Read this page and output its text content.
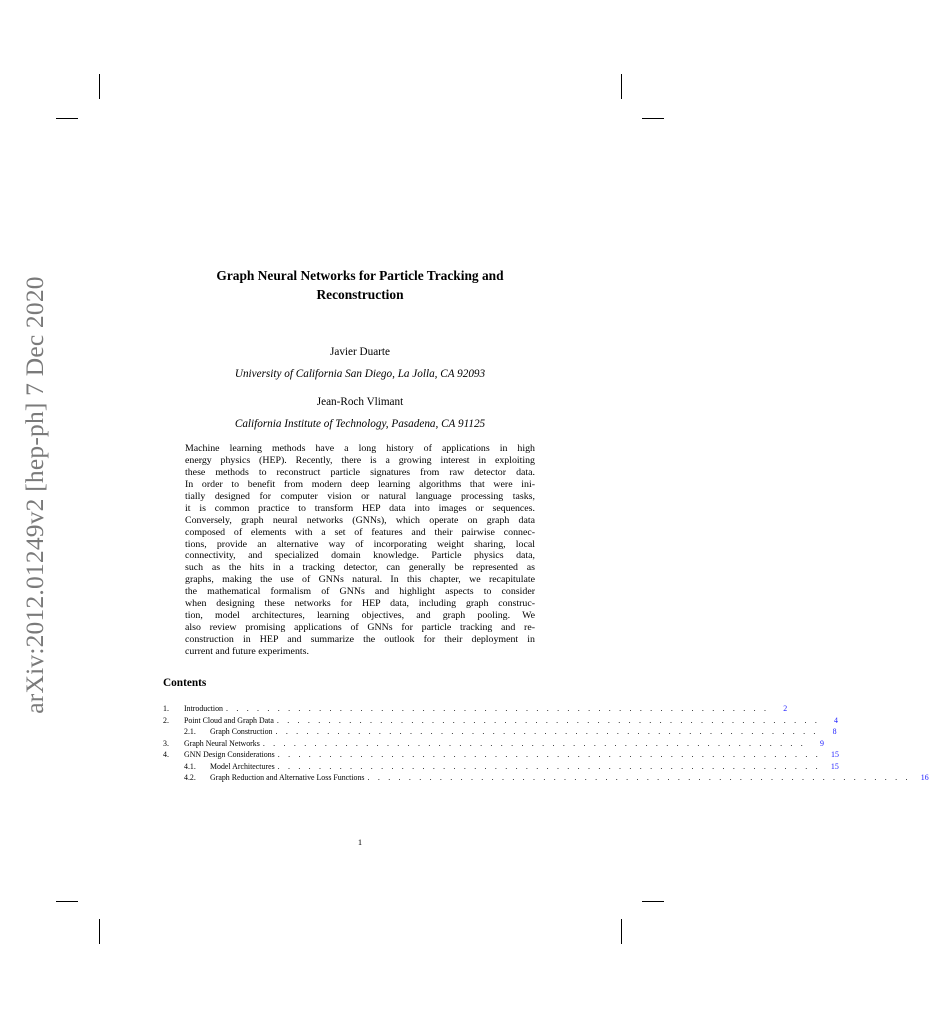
arXiv:2012.01249v2 [hep-ph] 7 Dec 2020
Graph Neural Networks for Particle Tracking and
Reconstruction
Javier Duarte
University of California San Diego, La Jolla, CA 92093
Jean-Roch Vlimant
California Institute of Technology, Pasadena, CA 91125
Machine learning methods have a long history of applications in high
energy physics (HEP). Recently, there is a growing interest in exploiting
these methods to reconstruct particle signatures from raw detector data.
In order to benefit from modern deep learning algorithms that were ini-
tially designed for computer vision or natural language processing tasks,
it is common practice to transform HEP data into images or sequences.
Conversely, graph neural networks (GNNs), which operate on graph data
composed of elements with a set of features and their pairwise connec-
tions, provide an alternative way of incorporating weight sharing, local
connectivity, and specialized domain knowledge. Particle physics data,
such as the hits in a tracking detector, can generally be represented as
graphs, making the use of GNNs natural. In this chapter, we recapitulate
the mathematical formalism of GNNs and highlight aspects to consider
when designing these networks for HEP data, including graph construc-
tion, model architectures, learning objectives, and graph pooling. We
also review promising applications of GNNs for particle tracking and re-
construction in HEP and summarize the outlook for their deployment in
current and future experiments.
Contents
1.	Introduction . . . . . . . . . . . . . . . . . . . . . . . . . . . . . . . . . . . . . . . . . . . . . . . . . . . . .	2
2.	Point Cloud and Graph Data . . . . . . . . . . . . . . . . . . . . . . . . . . . . . . . . . . . . . . . . . . . . . . . . . . . . .	4
2.1.	Graph Construction . . . . . . . . . . . . . . . . . . . . . . . . . . . . . . . . . . . . . . . . . . . . . . . . . . . . .	8
3.	Graph Neural Networks . . . . . . . . . . . . . . . . . . . . . . . . . . . . . . . . . . . . . . . . . . . . . . . . . . . . .	9
4.	GNN Design Considerations . . . . . . . . . . . . . . . . . . . . . . . . . . . . . . . . . . . . . . . . . . . . . . . . . . . . .	15
4.1.	Model Architectures . . . . . . . . . . . . . . . . . . . . . . . . . . . . . . . . . . . . . . . . . . . . . . . . . . . . .	15
4.2.	Graph Reduction and Alternative Loss Functions . . . . . . . . . . . . . . . . . . . . . . . . . . . . . . . . . . . . . . . . . . . . . . . . . . . . .	16
1
